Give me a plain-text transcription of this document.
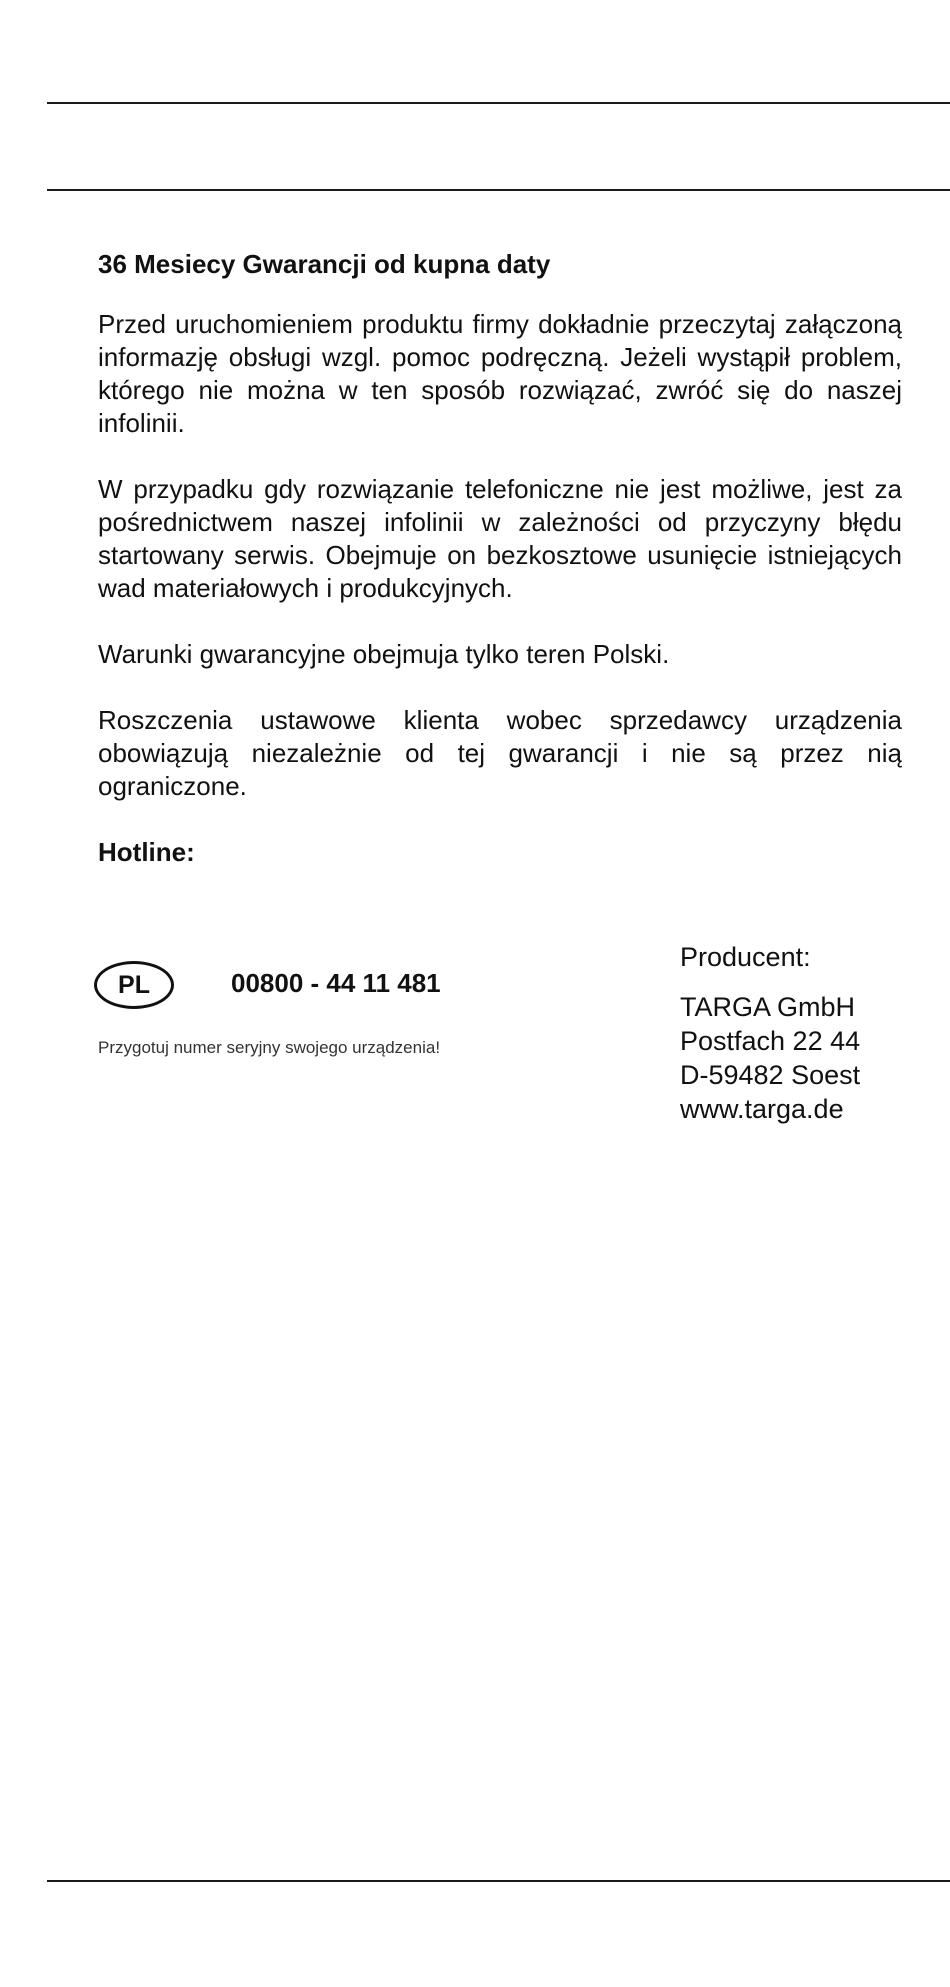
36 Mesiecy Gwarancji od kupna daty

Przed uruchomieniem produktu firmy dokładnie przeczytaj załączoną informazję obsługi wzgl. pomoc podręczną. Jeżeli wystąpił problem, którego nie można w ten sposób rozwiązać, zwróć się do naszej infolinii.

W przypadku gdy rozwiązanie telefoniczne nie jest możliwe, jest za pośrednictwem naszej infolinii w zależności od przyczyny błędu startowany serwis. Obejmuje on bezkosztowe usunięcie istniejących wad materiałowych i produkcyjnych.

Warunki gwarancyjne obejmuja tylko teren Polski.

Roszczenia ustawowe klienta wobec sprzedawcy urządzenia obowiązują niezależnie od tej gwarancji i nie są przez nią ograniczone.

Hotline:

PL	00800 - 44 11 481
Przygotuj numer seryjny swojego urządzenia!

Producent:

TARGA GmbH

Postfach 22 44

D-59482 Soest

www.targa.de
